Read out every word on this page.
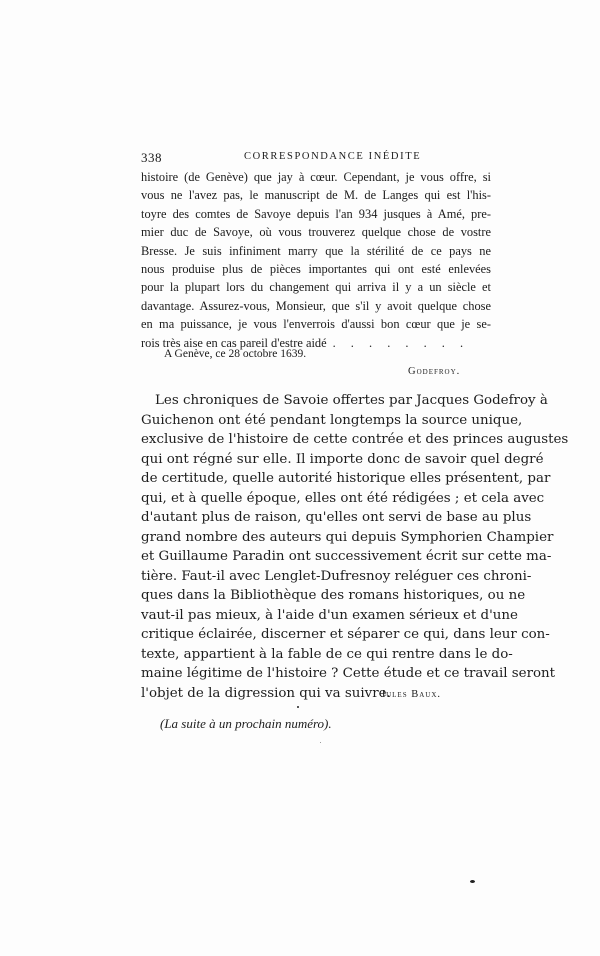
338	CORRESPONDANCE INÉDITE
histoire (de Genève) que jay à cœur. Cependant, je vous offre, si
vous ne l'avez pas, le manuscript de M. de Langes qui est l'his-
toyre des comtes de Savoye depuis l'an 934 jusques à Amé, pre-
mier duc de Savoye, où vous trouverez quelque chose de vostre
Bresse. Je suis infiniment marry que la stérilité de ce pays ne
nous produise plus de pièces importantes qui ont esté enlevées
pour la plupart lors du changement qui arriva il y a un siècle et
davantage. Assurez-vous, Monsieur, que s'il y avoit quelque chose
en ma puissance, je vous l'enverrois d'aussi bon cœur que je se-
rois très aise en cas pareil d'estre aidé . . . . . . . .
A Genève, ce 28 octobre 1639.
Godefroy.
Les chroniques de Savoie offertes par Jacques Godefroy à
Guichenon ont été pendant longtemps la source unique,
exclusive de l'histoire de cette contrée et des princes augustes
qui ont régné sur elle. Il importe donc de savoir quel degré
de certitude, quelle autorité historique elles présentent, par
qui, et à quelle époque, elles ont été rédigées ; et cela avec
d'autant plus de raison, qu'elles ont servi de base au plus
grand nombre des auteurs qui depuis Symphorien Champier
et Guillaume Paradin ont successivement écrit sur cette ma-
tière. Faut-il avec Lenglet-Dufresnoy reléguer ces chroni-
ques dans la Bibliothèque des romans historiques, ou ne
vaut-il pas mieux, à l'aide d'un examen sérieux et d'une
critique éclairée, discerner et séparer ce qui, dans leur con-
texte, appartient à la fable de ce qui rentre dans le do-
maine légitime de l'histoire ? Cette étude et ce travail seront
l'objet de la digression qui va suivre.
Jules Baux.
(La suite à un prochain numéro).
